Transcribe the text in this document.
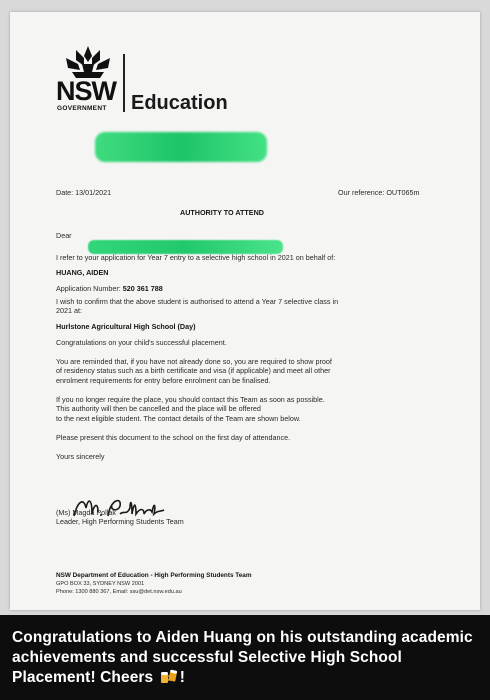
NSW
GOVERNMENT Education
Date: 13/01/2021	Our reference: OUT065m
AUTHORITY TO ATTEND
Dear
I refer to your application for Year 7 entry to a selective high school in 2021 on behalf of:
HUANG, AIDEN
Application Number: 520 361 788
I wish to confirm that the above student is authorised to attend a Year 7 selective class in
2021 at:
Hurlstone Agricultural High School (Day)
Congratulations on your child's successful placement.
You are reminded that, if you have not already done so, you are required to show proof
of residency status such as a birth certificate and visa (if applicable) and meet all other
enrolment requirements for entry before enrolment can be finalised.
If you no longer require the place, you should contact this Team as soon as possible.
This authority will then be cancelled and the place will be offered
to the next eligible student. The contact details of the Team are shown below.
Please present this document to the school on the first day of attendance.
Yours sincerely
(Ms) Magda Pollak
Leader, High Performing Students Team
NSW Department of Education - High Performing Students Team
GPO BOX 33, SYDNEY NSW 2001
Phone: 1300 880 367, Email: ssu@det.nsw.edu.au
Congratulations to Aiden Huang on his outstanding academic achievements and successful Selective High School Placement! Cheers !
